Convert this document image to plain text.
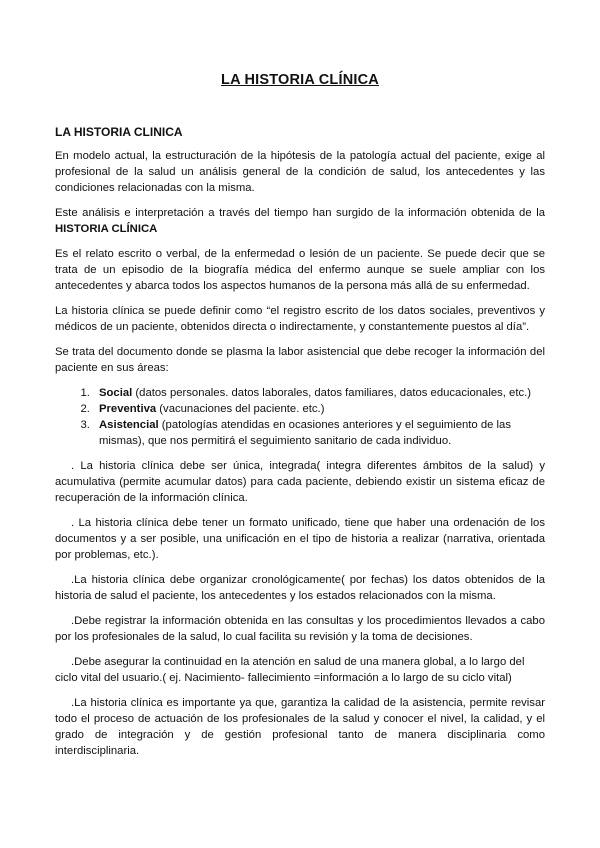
LA HISTORIA CLÍNICA
LA HISTORIA CLINICA

En modelo actual, la estructuración de la hipótesis de la patología actual del paciente, exige al profesional de la salud un análisis general de la condición de salud, los antecedentes y las condiciones relacionadas con la misma.

Este análisis e interpretación a través del tiempo han surgido de la información obtenida de la HISTORIA CLÍNICA

Es el relato escrito o verbal, de la enfermedad o lesión de un paciente. Se puede decir que se trata de un episodio de la biografía médica del enfermo aunque se suele ampliar con los antecedentes y abarca todos los aspectos humanos de la persona más allá de su enfermedad.

La historia clínica se puede definir como “el registro escrito de los datos sociales, preventivos y médicos de un paciente, obtenidos directa o indirectamente, y constantemente puestos al día”.

Se trata del documento donde se plasma la labor asistencial que debe recoger la información del paciente en sus áreas:

1. Social (datos personales. datos laborales, datos familiares, datos educacionales, etc.)
2. Preventiva (vacunaciones del paciente. etc.)
3. Asistencial (patologías atendidas en ocasiones anteriores y el seguimiento de las mismas), que nos permitirá el seguimiento sanitario de cada individuo.

. La historia clínica debe ser única, integrada( integra diferentes ámbitos de la salud) y acumulativa (permite acumular datos) para cada paciente, debiendo existir un sistema eficaz de recuperación de la información clínica.

. La historia clínica debe tener un formato unificado, tiene que haber una ordenación de los documentos y a ser posible, una unificación en el tipo de historia a realizar (narrativa, orientada por problemas, etc.).

.La historia clínica debe organizar cronológicamente( por fechas) los datos obtenidos de la historia de salud el paciente, los antecedentes y los estados relacionados con la misma.

.Debe registrar la información obtenida en las consultas y los procedimientos llevados a cabo por los profesionales de la salud, lo cual facilita su revisión y la toma de decisiones.

.Debe asegurar la continuidad en la atención en salud de una manera global, a lo largo del ciclo vital del usuario.( ej. Nacimiento- fallecimiento =información a lo largo de su ciclo vital)

.La historia clínica es importante ya que, garantiza la calidad de la asistencia, permite revisar todo el proceso de actuación de los profesionales de la salud y conocer el nivel, la calidad, y el grado de integración y de gestión profesional tanto de manera disciplinaria como interdisciplinaria.
